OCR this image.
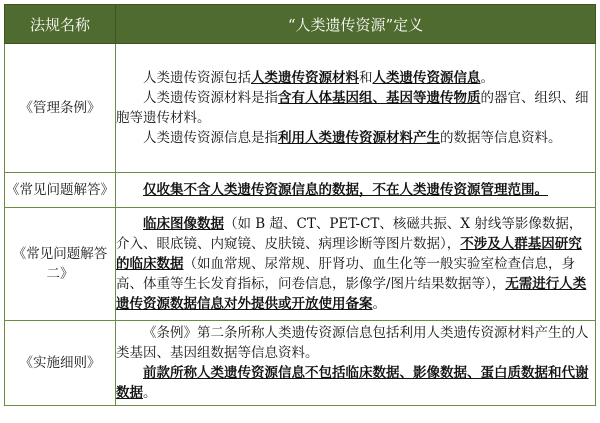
法规名称	“人类遗传资源”定义
《管理条例》	人类遗传资源包括人类遗传资源材料和人类遗传资源信息。

人类遗传资源材料是指含有人体基因组、基因等遗传物质的器官、组织、细胞等遗传材料。

人类遗传资源信息是指利用人类遗传资源材料产生的数据等信息资料。

《常见问题解答》	仅收集不含人类遗传资源信息的数据，不在人类遗传资源管理范围。

《常见问题解答二》	临床图像数据（如 B 超、CT、PET-CT、核磁共振、X 射线等影像数据，介入、眼底镜、内窥镜、皮肤镜、病理诊断等图片数据），不涉及人群基因研究的临床数据（如血常规、尿常规、肝肾功、血生化等一般实验室检查信息，身高、体重等生长发育指标，问卷信息，影像学/图片结果数据等），无需进行人类遗传资源数据信息对外提供或开放使用备案。

《实施细则》	《条例》第二条所称人类遗传资源信息包括利用人类遗传资源材料产生的人类基因、基因组数据等信息资料。

前款所称人类遗传资源信息不包括临床数据、影像数据、蛋白质数据和代谢数据。
